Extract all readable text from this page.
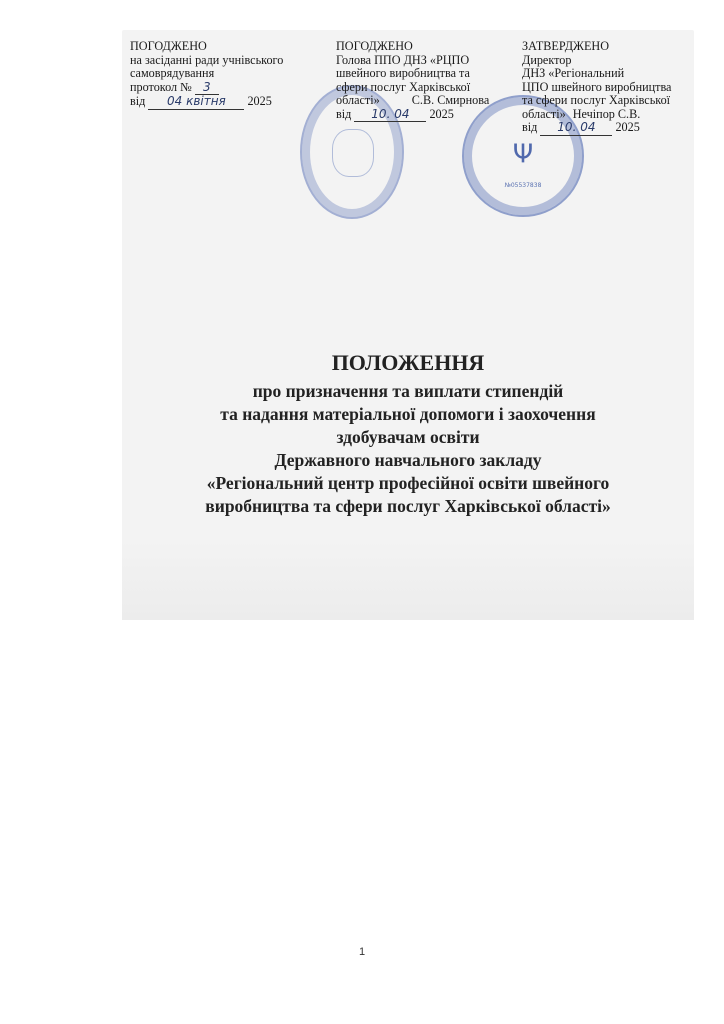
Ψ
№05537838
ПОГОДЖЕНО
на засіданні ради учнівського
самоврядування
протокол № 3
від 04 квітня 2025
ПОГОДЖЕНО
Голова ППО ДНЗ «РЦПО
швейного виробництва та
сфери послуг Харківської
області»	С.В. Смирнова
від 10. 04 2025
ЗАТВЕРДЖЕНО
Директор
ДНЗ «Регіональний
ЦПО швейного виробництва
та сфери послуг Харківської
області» Нечіпор С.В.
від 10. 04 2025
ПОЛОЖЕННЯ
про призначення та виплати стипендій
та надання матеріальної допомоги і заохочення
здобувачам освіти
Державного навчального закладу
«Регіональний центр професійної освіти швейного
виробництва та сфери послуг Харківської області»
1
